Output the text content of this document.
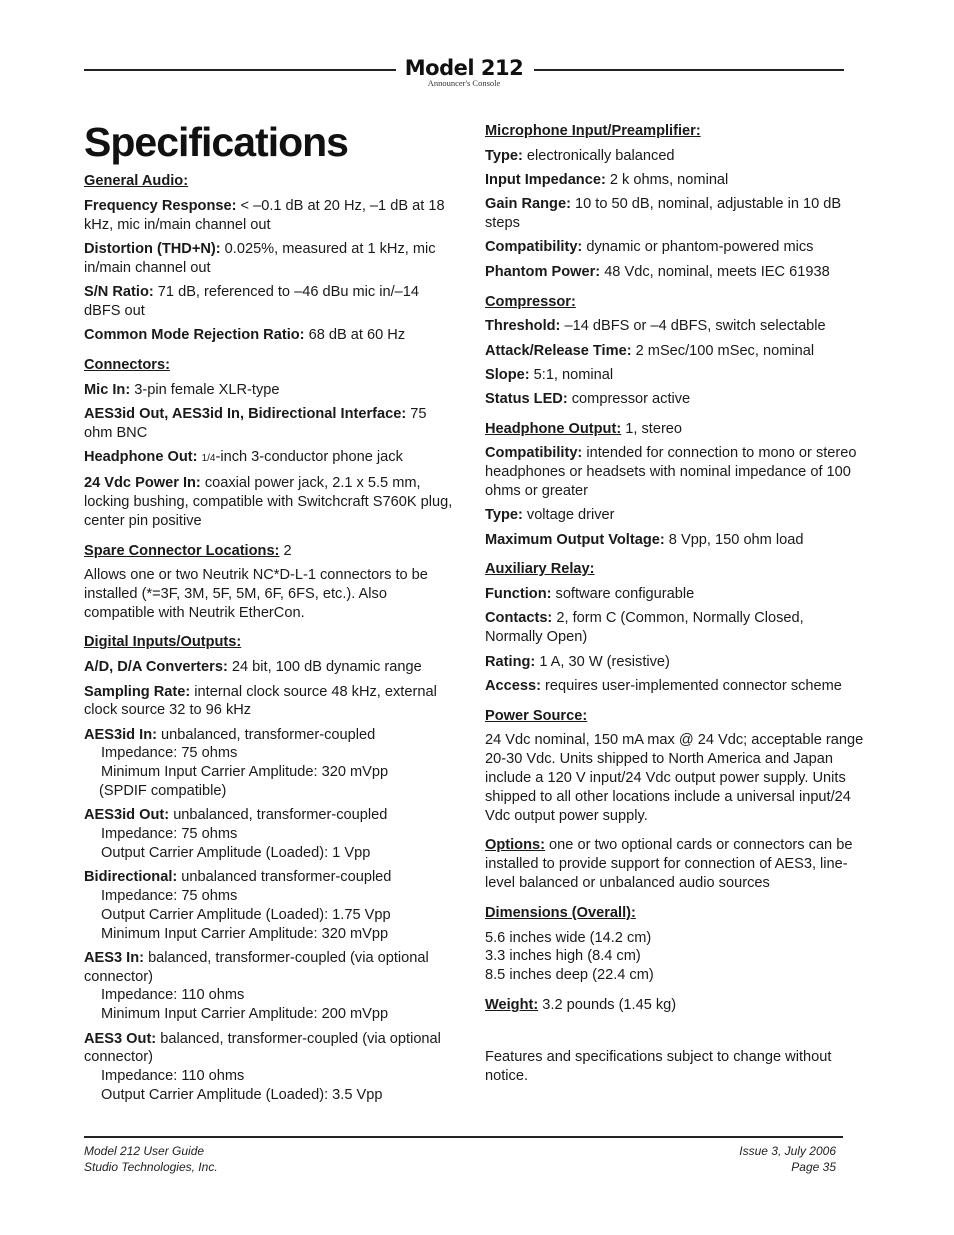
Model 212
Announcer's Console
Specifications

General Audio:

Frequency Response: < –0.1 dB at 20 Hz, –1 dB at 18 kHz, mic in/main channel out

Distortion (THD+N): 0.025%, measured at 1 kHz, mic in/main channel out

S/N Ratio: 71 dB, referenced to –46 dBu mic in/–14 dBFS out

Common Mode Rejection Ratio: 68 dB at 60 Hz

Connectors:

Mic In: 3-pin female XLR-type

AES3id Out, AES3id In, Bidirectional Interface: 75 ohm BNC

Headphone Out: 1/4-inch 3-conductor phone jack

24 Vdc Power In: coaxial power jack, 2.1 x 5.5 mm, locking bushing, compatible with Switchcraft S760K plug, center pin positive

Spare Connector Locations: 2

Allows one or two Neutrik NC*D-L-1 connectors to be installed (*=3F, 3M, 5F, 5M, 6F, 6FS, etc.). Also compatible with Neutrik EtherCon.

Digital Inputs/Outputs:

A/D, D/A Converters: 24 bit, 100 dB dynamic range

Sampling Rate: internal clock source 48 kHz, external clock source 32 to 96 kHz

AES3id In: unbalanced, transformer-coupled
Impedance: 75 ohms
Minimum Input Carrier Amplitude: 320 mVpp
(SPDIF compatible)

AES3id Out: unbalanced, transformer-coupled
Impedance: 75 ohms
Output Carrier Amplitude (Loaded): 1 Vpp

Bidirectional: unbalanced transformer-coupled
Impedance: 75 ohms
Output Carrier Amplitude (Loaded): 1.75 Vpp
Minimum Input Carrier Amplitude: 320 mVpp

AES3 In: balanced, transformer-coupled (via optional connector)
Impedance: 110 ohms
Minimum Input Carrier Amplitude: 200 mVpp

AES3 Out: balanced, transformer-coupled (via optional connector)
Impedance: 110 ohms
Output Carrier Amplitude (Loaded): 3.5 Vpp

Microphone Input/Preamplifier:

Type: electronically balanced

Input Impedance: 2 k ohms, nominal

Gain Range: 10 to 50 dB, nominal, adjustable in 10 dB steps

Compatibility: dynamic or phantom-powered mics

Phantom Power: 48 Vdc, nominal, meets IEC 61938

Compressor:

Threshold: –14 dBFS or –4 dBFS, switch selectable

Attack/Release Time: 2 mSec/100 mSec, nominal

Slope: 5:1, nominal

Status LED: compressor active

Headphone Output: 1, stereo

Compatibility: intended for connection to mono or stereo headphones or headsets with nominal impedance of 100 ohms or greater

Type: voltage driver

Maximum Output Voltage: 8 Vpp, 150 ohm load

Auxiliary Relay:

Function: software configurable

Contacts: 2, form C (Common, Normally Closed, Normally Open)

Rating: 1 A, 30 W (resistive)

Access: requires user-implemented connector scheme

Power Source:

24 Vdc nominal, 150 mA max @ 24 Vdc; acceptable range 20-30 Vdc. Units shipped to North America and Japan include a 120 V input/24 Vdc output power supply. Units shipped to all other locations include a universal input/24 Vdc output power supply.

Options: one or two optional cards or connectors can be installed to provide support for connection of AES3, line-level balanced or unbalanced audio sources

Dimensions (Overall):

5.6 inches wide (14.2 cm)
3.3 inches high (8.4 cm)
8.5 inches deep (22.4 cm)

Weight: 3.2 pounds (1.45 kg)

Features and specifications subject to change without notice.

Model 212 User Guide
Studio Technologies, Inc.
Issue 3, July 2006
Page 35
